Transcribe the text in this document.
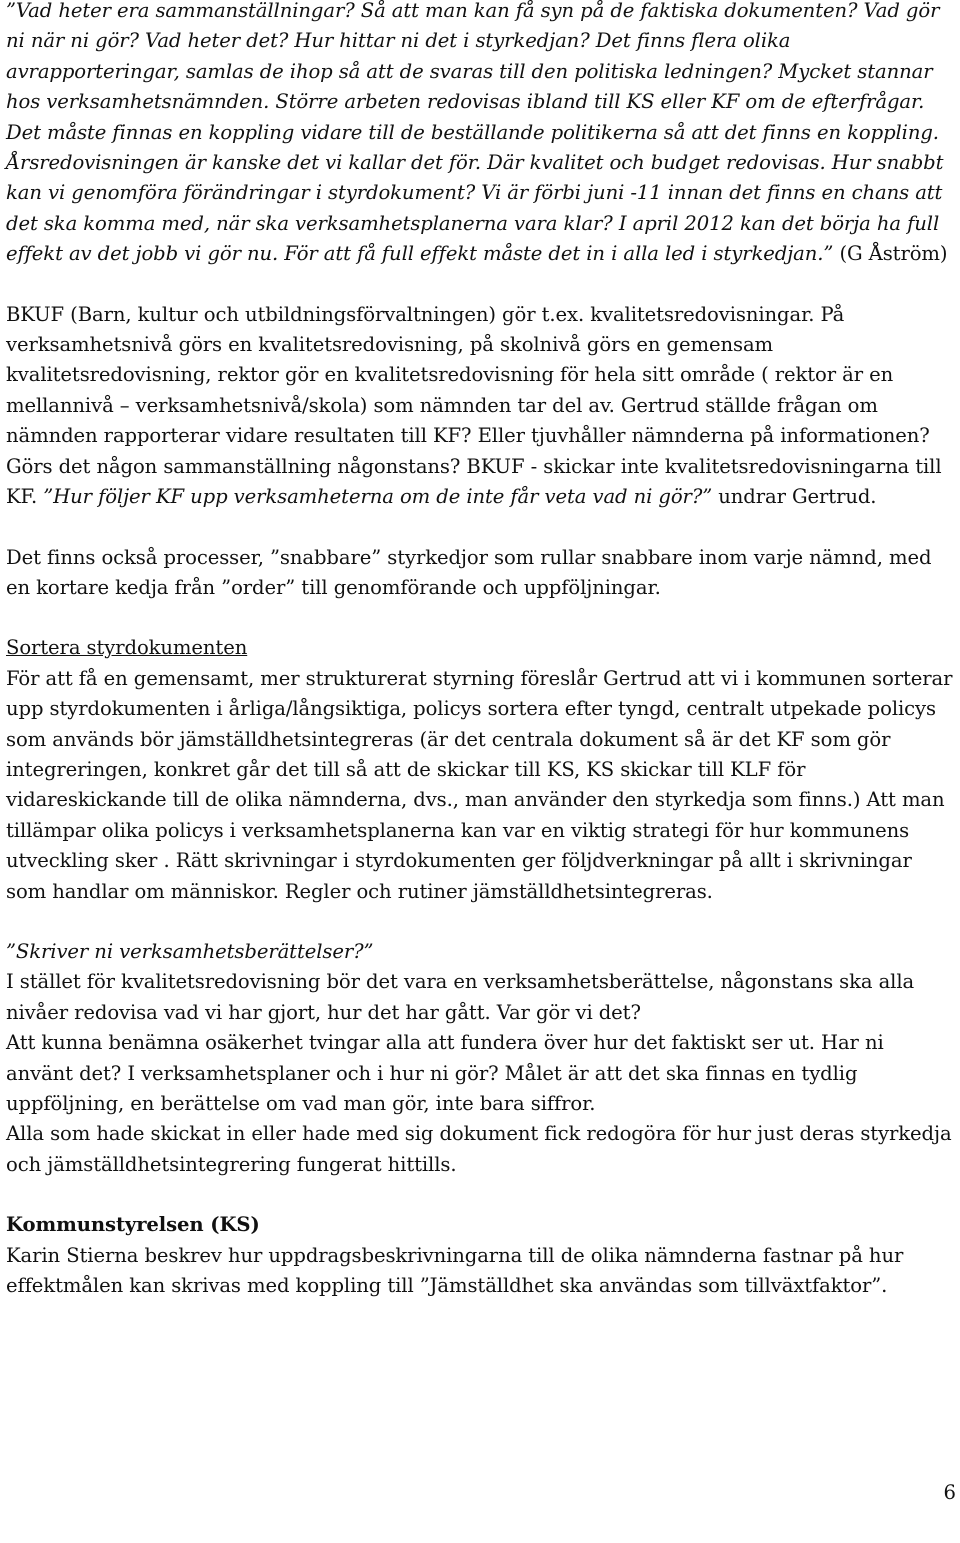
”Vad heter era sammanställningar? Så att man kan få syn på de faktiska dokumenten? Vad gör ni när ni gör? Vad heter det? Hur hittar ni det i styrkedjan? Det finns flera olika avrapporteringar, samlas de ihop så att de svaras till den politiska ledningen? Mycket stannar hos verksamhetsnämnden. Större arbeten redovisas ibland till KS eller KF om de efterfrågar. Det måste finnas en koppling vidare till de beställande politikerna så att det finns en koppling. Årsredovisningen är kanske det vi kallar det för. Där kvalitet och budget redovisas. Hur snabbt kan vi genomföra förändringar i styrdokument? Vi är förbi juni -11 innan det finns en chans att det ska komma med, när ska verksamhetsplanerna vara klar? I april 2012 kan det börja ha full effekt av det jobb vi gör nu. För att få full effekt måste det in i alla led i styrkedjan.” (G Åström)

BKUF (Barn, kultur och utbildningsförvaltningen) gör t.ex. kvalitetsredovisningar. På verksamhetsnivå görs en kvalitetsredovisning, på skolnivå görs en gemensam kvalitetsredovisning, rektor gör en kvalitetsredovisning för hela sitt område ( rektor är en mellannivå – verksamhetsnivå/skola) som nämnden tar del av. Gertrud ställde frågan om nämnden rapporterar vidare resultaten till KF? Eller tjuvhåller nämnderna på informationen? Görs det någon sammanställning någonstans? BKUF - skickar inte kvalitetsredovisningarna till KF. ”Hur följer KF upp verksamheterna om de inte får veta vad ni gör?” undrar Gertrud.

Det finns också processer, ”snabbare” styrkedjor som rullar snabbare inom varje nämnd, med en kortare kedja från ”order” till genomförande och uppföljningar.

Sortera styrdokumenten
För att få en gemensamt, mer strukturerat styrning föreslår Gertrud att vi i kommunen sorterar upp styrdokumenten i årliga/långsiktiga, policys sortera efter tyngd, centralt utpekade policys som används bör jämställdhetsintegreras (är det centrala dokument så är det KF som gör integreringen, konkret går det till så att de skickar till KS, KS skickar till KLF för vidareskickande till de olika nämnderna, dvs., man använder den styrkedja som finns.) Att man tillämpar olika policys i verksamhetsplanerna kan var en viktig strategi för hur kommunens utveckling sker . Rätt skrivningar i styrdokumenten ger följdverkningar på allt i skrivningar som handlar om människor. Regler och rutiner jämställdhetsintegreras.

”Skriver ni verksamhetsberättelser?”

I stället för kvalitetsredovisning bör det vara en verksamhetsberättelse, någonstans ska alla nivåer redovisa vad vi har gjort, hur det har gått. Var gör vi det?

Att kunna benämna osäkerhet tvingar alla att fundera över hur det faktiskt ser ut. Har ni använt det? I verksamhetsplaner och i hur ni gör? Målet är att det ska finnas en tydlig uppföljning, en berättelse om vad man gör, inte bara siffror.

Alla som hade skickat in eller hade med sig dokument fick redogöra för hur just deras styrkedja och jämställdhetsintegrering fungerat hittills.

Kommunstyrelsen (KS)
Karin Stierna beskrev hur uppdragsbeskrivningarna till de olika nämnderna fastnar på hur effektmålen kan skrivas med koppling till ”Jämställdhet ska användas som tillväxtfaktor”.

6
